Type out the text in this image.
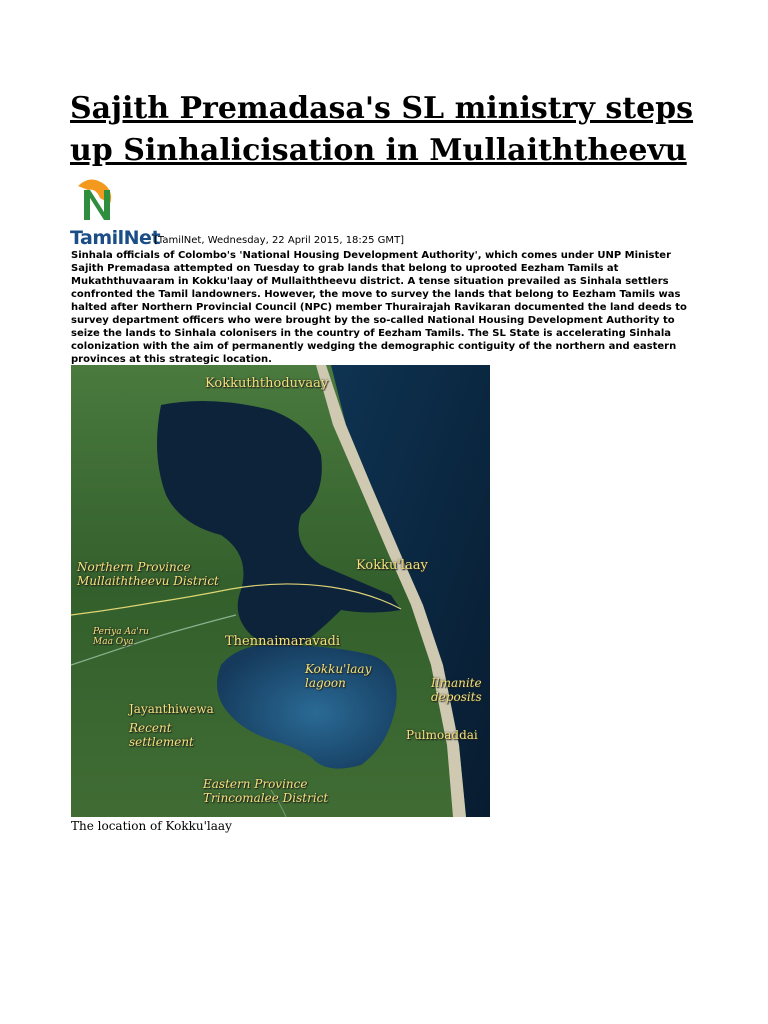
Sajith Premadasa's SL ministry steps up Sinhalicisation in Mullaiththeevu
TamilNet
[TamilNet, Wednesday, 22 April 2015, 18:25 GMT]

Sinhala officials of Colombo's 'National Housing Development Authority', which comes under UNP Minister Sajith Premadasa attempted on Tuesday to grab lands that belong to uprooted Eezham Tamils at Mukaththuvaaram in Kokku'laay of Mullaiththeevu district. A tense situation prevailed as Sinhala settlers confronted the Tamil landowners. However, the move to survey the lands that belong to Eezham Tamils was halted after Northern Provincial Council (NPC) member Thurairajah Ravikaran documented the land deeds to survey department officers who were brought by the so-called National Housing Development Authority to seize the lands to Sinhala colonisers in the country of Eezham Tamils. The SL State is accelerating Sinhala colonization with the aim of permanently wedging the demographic contiguity of the northern and eastern provinces at this strategic location.

Kokkuththoduvaay
Northern Province
Mullaiththeevu District
Kokku'laay
Periya Aa'ru
Maa Oya	Thennaimaravadi
Kokku'laay
lagoon	Ilmanite
deposits
Jayanthiwewa
Recent
settlement	Pulmoaddai
Eastern Province
Trincomalee District
The location of Kokku'laay
